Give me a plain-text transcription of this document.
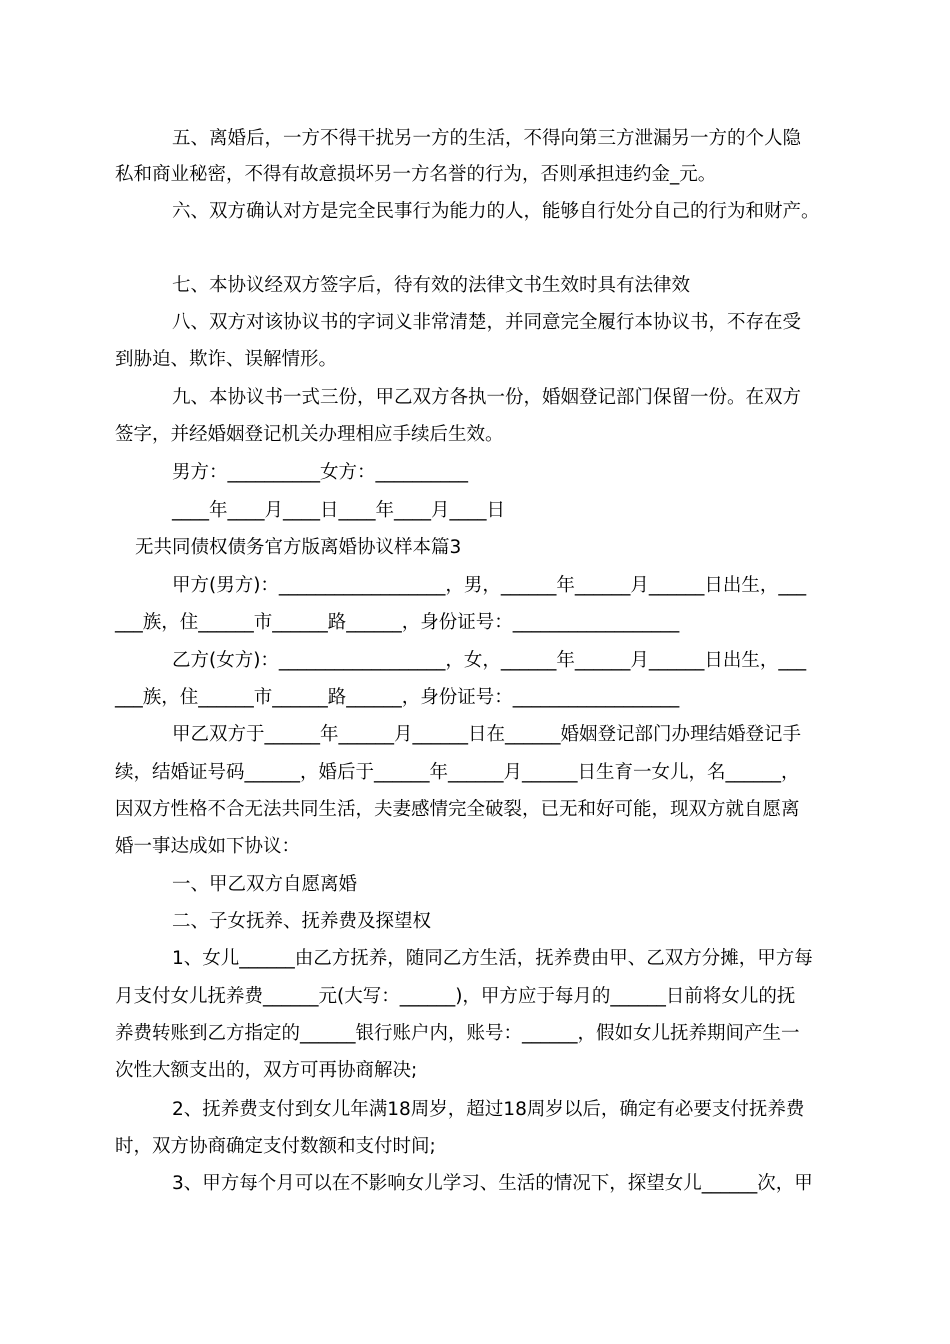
五、离婚后，一方不得干扰另一方的生活，不得向第三方泄漏另一方的个人隐
私和商业秘密，不得有故意损坏另一方名誉的行为，否则承担违约金_元。
六、双方确认对方是完全民事行为能力的人，能够自行处分自己的行为和财产。
七、本协议经双方签字后，待有效的法律文书生效时具有法律效
八、双方对该协议书的字词义非常清楚，并同意完全履行本协议书，不存在受
到胁迫、欺诈、误解情形。
九、本协议书一式三份，甲乙双方各执一份，婚姻登记部门保留一份。在双方
签字，并经婚姻登记机关办理相应手续后生效。
男方：__________女方：__________
____年____月____日____年____月____日
无共同债权债务官方版离婚协议样本篇3
甲方(男方)：__________________，男，______年______月______日出生，___
___族，住______市______路______，身份证号：__________________
乙方(女方)：__________________，女，______年______月______日出生，___
___族，住______市______路______，身份证号：__________________
甲乙双方于______年______月______日在______婚姻登记部门办理结婚登记手
续，结婚证号码______，婚后于______年______月______日生育一女儿，名______，
因双方性格不合无法共同生活，夫妻感情完全破裂，已无和好可能，现双方就自愿离
婚一事达成如下协议：
一、甲乙双方自愿离婚
二、子女抚养、抚养费及探望权
1、女儿______由乙方抚养，随同乙方生活，抚养费由甲、乙双方分摊，甲方每
月支付女儿抚养费______元(大写：______)，甲方应于每月的______日前将女儿的抚
养费转账到乙方指定的______银行账户内，账号：______，假如女儿抚养期间产生一
次性大额支出的，双方可再协商解决;
2、抚养费支付到女儿年满18周岁，超过18周岁以后，确定有必要支付抚养费
时，双方协商确定支付数额和支付时间;
3、甲方每个月可以在不影响女儿学习、生活的情况下，探望女儿______次，甲
